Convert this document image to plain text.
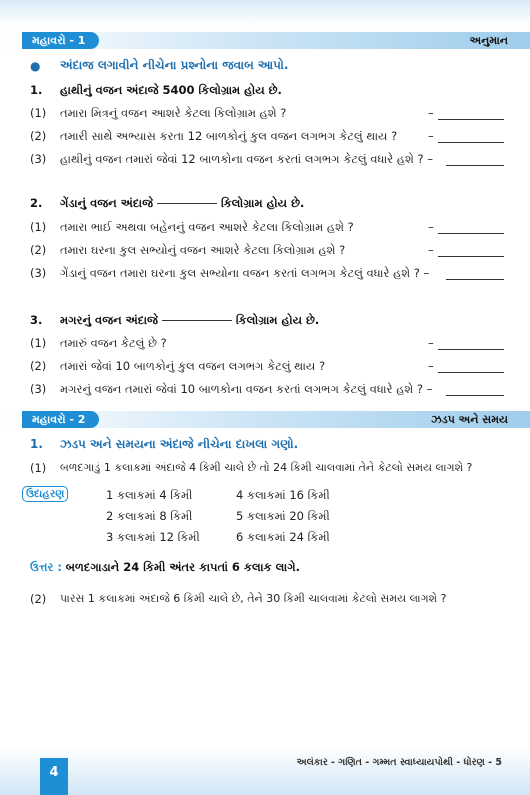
મહાવરો - 1	અનુમાન
● અંદાજ લગાવીને નીચેના પ્રશ્નોના જવાબ આપો.
1. હાથીનું વજન અંદાજે 5400 કિલોગ્રામ હોય છે.
(1) તમારા મિત્રનું વજન આશરે કેટલા કિલોગ્રામ હશે ?	–
(2) તમારી સાથે અભ્યાસ કરતા 12 બાળકોનું કુલ વજન લગભગ કેટલું થાય ?	–
(3) હાથીનું વજન તમારાં જેવાં 12 બાળકોના વજન કરતાં લગભગ કેટલું વધારે હશે ? –
2. ગેંડાનું વજન અંદાજે	કિલોગ્રામ હોય છે.
(1) તમારા ભાઈ અથવા બહેનનું વજન આશરે કેટલા કિલોગ્રામ હશે ?	–
(2) તમારા ઘરના કુલ સભ્યોનું વજન આશરે કેટલા કિલોગ્રામ હશે ?	–
(3) ગેંડાનું વજન તમારા ઘરના કુલ સભ્યોના વજન કરતાં લગભગ કેટલું વધારે હશે ? –
3. મગરનું વજન અંદાજે	કિલોગ્રામ હોય છે.
(1) તમારું વજન કેટલું છે ?	–
(2) તમારાં જેવાં 10 બાળકોનું કુલ વજન લગભગ કેટલું થાય ?	–
(3) મગરનું વજન તમારાં જેવાં 10 બાળકોના વજન કરતાં લગભગ કેટલું વધારે હશે ? –
મહાવરો - 2	ઝડપ અને સમય
1. ઝડપ અને સમયના અંદાજે નીચેના દાખલા ગણો.
(1) બળદગાડું 1 કલાકમાં અંદાજે 4 કિમી ચાલે છે તો 24 કિમી ચાલવામાં તેને કેટલો સમય લાગશે ?
ઉદાહરણ	1 કલાકમાં 4 કિમી	4 કલાકમાં 16 કિમી
2 કલાકમાં 8 કિમી	5 કલાકમાં 20 કિમી
3 કલાકમાં 12 કિમી	6 કલાકમાં 24 કિમી
ઉત્તર : બળદગાડાને 24 કિમી અંતર કાપતાં 6 કલાક લાગે.
(2) પારસ 1 કલાકમાં અંદાજે 6 કિમી ચાલે છે, તેને 30 કિમી ચાલવામાં કેટલો સમય લાગશે ?
અલંકાર - ગણિત - ગમ્મત સ્વાધ્યાયપોથી - ધોરણ - 5
4
